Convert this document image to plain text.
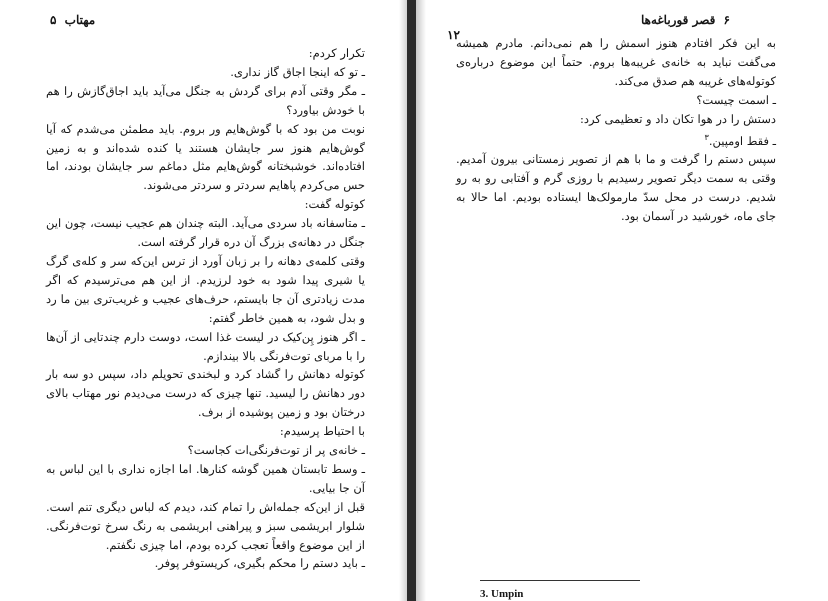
مهتاب ۵

تکرار کردم:

ـ تو که اینجا اجاق گاز نداری.

ـ مگر وقتی آدم برای گردش به جنگل می‌آید باید اجاق‌گازش را هم با خودش بیاورد؟

نوبت من بود که با گوش‌هایم ور بروم. باید مطمئن می‌شدم که آیا گوش‌هایم هنوز سر جایشان هستند یا کنده شده‌اند و به زمین افتاده‌اند. خوشبختانه گوش‌هایم مثل دماغم سر جایشان بودند، اما حس می‌کردم پاهایم سردتر و سردتر می‌شوند.

کوتوله گفت:

ـ متاسفانه باد سردی می‌آید. البته چندان هم عجیب نیست، چون این جنگل در دهانه‌ی بزرگ آن دره قرار گرفته است.

وقتی کلمه‌ی دهانه را بر زبان آورد از ترس این‌که سر و کله‌ی گرگ یا شیری پیدا شود به خود لرزیدم. از این هم می‌ترسیدم که اگر مدت زیادتری آن جا بایستم، حرف‌های عجیب و غریب‌تری بین ما رد و بدل شود، به همین خاطر گفتم:

ـ اگر هنوز پِن‌کیک در لیست غذا است، دوست دارم چندتایی از آن‌ها را با مربای توت‌فرنگی بالا بیندازم.

کوتوله دهانش را گشاد کرد و لبخندی تحویلم داد، سپس دو سه بار دور دهانش را لیسید. تنها چیزی که درست می‌دیدم نور مهتاب بالای درختان بود و زمین پوشیده از برف.

با احتیاط پرسیدم:

ـ خانه‌ی پر از توت‌فرنگی‌ات کجاست؟

ـ وسط تابستان همین گوشه کنارها. اما اجازه نداری با این لباس به آن جا بیایی.

قبل از این‌که جمله‌اش را تمام کند، دیدم که لباس دیگری تنم است. شلوار ابریشمی سبز و پیراهنی ابریشمی به رنگ سرخ توت‌فرنگی. از این موضوع واقعاً تعجب کرده بودم، اما چیزی نگفتم.

ـ باید دستم را محکم بگیری، کریستوفر پوفر.

۶ قصر قورباغه‌ها
۱۲

به این فکر افتادم هنوز اسمش را هم نمی‌دانم. مادرم همیشه می‌گفت نباید به خانه‌ی غریبه‌ها بروم. حتماً این موضوع درباره‌ی کوتوله‌های غریبه هم صدق می‌کند.

ـ اسمت چیست؟

دستش را در هوا تکان داد و تعظیمی کرد:

ـ فقط اومپین.$^۳$

سپس دستم را گرفت و ما با هم از تصویر زمستانی بیرون آمدیم. وقتی به سمت دیگر تصویر رسیدیم با روزی گرم و آفتابی رو به رو شدیم. درست در محل سدّ مارمولک‌ها ایستاده بودیم. اما حالا به جای ماه، خورشید در آسمان بود.

3. Umpin
